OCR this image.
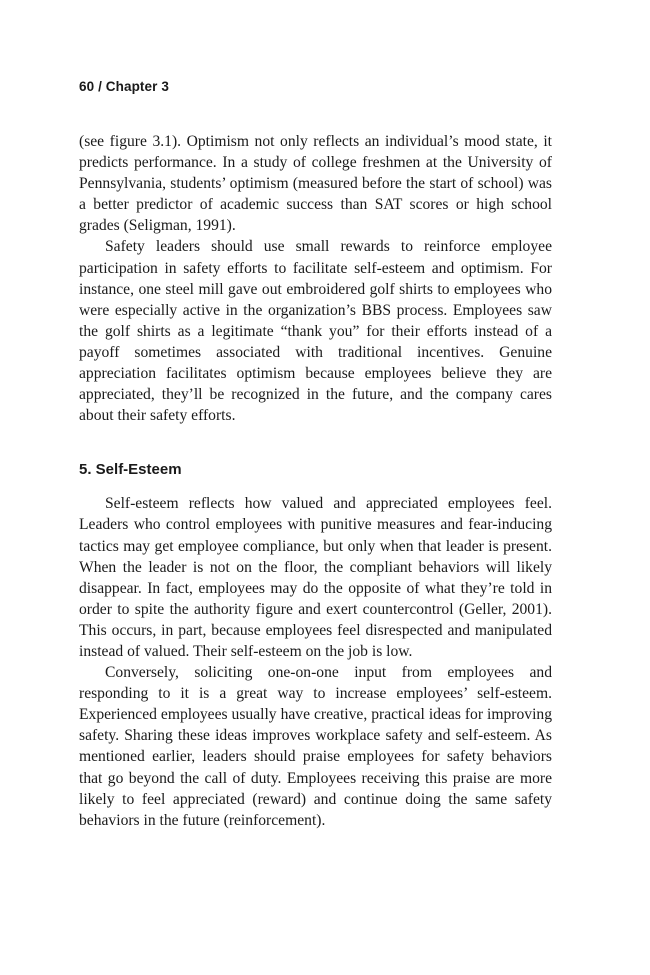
60 / Chapter 3

(see figure 3.1). Optimism not only reflects an individual’s mood state, it predicts performance. In a study of college freshmen at the University of Pennsylvania, students’ optimism (measured before the start of school) was a better predictor of academic success than SAT scores or high school grades (Seligman, 1991).

Safety leaders should use small rewards to reinforce employee participation in safety efforts to facilitate self-esteem and optimism. For instance, one steel mill gave out embroidered golf shirts to employees who were especially active in the organization’s BBS process. Employees saw the golf shirts as a legitimate “thank you” for their efforts instead of a payoff sometimes associated with traditional incentives. Genuine appreciation facilitates optimism because employees believe they are appreciated, they’ll be recognized in the future, and the company cares about their safety efforts.

5. Self-Esteem

Self-esteem reflects how valued and appreciated employees feel. Leaders who control employees with punitive measures and fear-inducing tactics may get employee compliance, but only when that leader is present. When the leader is not on the floor, the compliant behaviors will likely disappear. In fact, employees may do the opposite of what they’re told in order to spite the authority figure and exert countercontrol (Geller, 2001). This occurs, in part, because employees feel disrespected and manipulated instead of valued. Their self-esteem on the job is low.

Conversely, soliciting one-on-one input from employees and responding to it is a great way to increase employees’ self-esteem. Experienced employees usually have creative, practical ideas for improving safety. Sharing these ideas improves workplace safety and self-esteem. As mentioned earlier, leaders should praise employees for safety behaviors that go beyond the call of duty. Employees receiving this praise are more likely to feel appreciated (reward) and continue doing the same safety behaviors in the future (reinforcement).
